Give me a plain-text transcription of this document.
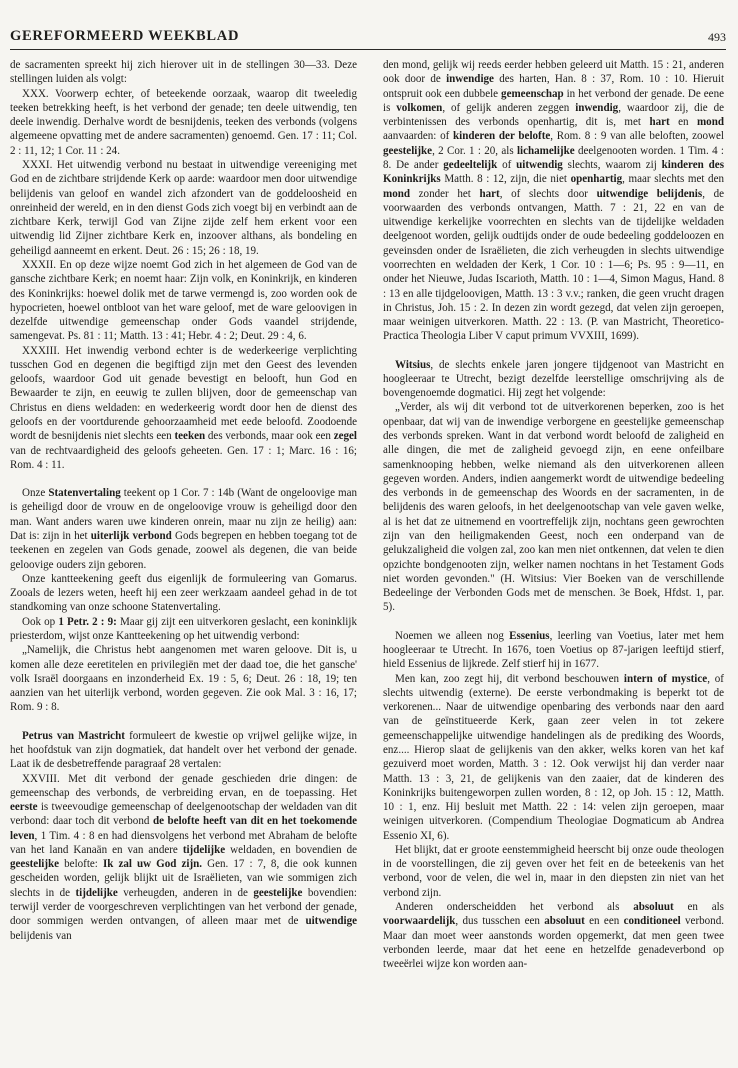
GEREFORMEERD WEEKBLAD	493

de sacramenten spreekt hij zich hierover uit in de stellingen 30—33. Deze stellingen luiden als volgt:

XXX. Voorwerp echter, of beteekende oorzaak, waarop dit tweeledig teeken betrekking heeft, is het verbond der genade; ten deele uitwendig, ten deele inwendig. Derhalve wordt de besnijdenis, teeken des verbonds (volgens algemeene opvatting met de andere sacramenten) genoemd. Gen. 17 : 11; Col. 2 : 11, 12; 1 Cor. 11 : 24.

XXXI. Het uitwendig verbond nu bestaat in uitwendige vereeniging met God en de zichtbare strijdende Kerk op aarde: waardoor men door uitwendige belijdenis van geloof en wandel zich afzondert van de goddeloosheid en onreinheid der wereld, en in den dienst Gods zich voegt bij en verbindt aan de zichtbare Kerk, terwijl God van Zijne zijde zelf hem erkent voor een uitwendig lid Zijner zichtbare Kerk en, inzoover althans, als bondeling en geheiligd aanneemt en erkent. Deut. 26 : 15; 26 : 18, 19.

XXXII. En op deze wijze noemt God zich in het algemeen de God van de gansche zichtbare Kerk; en noemt haar: Zijn volk, en Koninkrijk, en kinderen des Koninkrijks: hoewel dolik met de tarwe vermengd is, zoo worden ook de hypocrieten, hoewel ontbloot van het ware geloof, met de ware geloovigen in dezelfde uitwendige gemeenschap onder Gods vaandel strijdende, samengevat. Ps. 81 : 11; Matth. 13 : 41; Hebr. 4 : 2; Deut. 29 : 4, 6.

XXXIII. Het inwendig verbond echter is de wederkeerige verplichting tusschen God en degenen die begiftigd zijn met den Geest des levenden geloofs, waardoor God uit genade bevestigt en belooft, hun God en Bewaarder te zijn, en eeuwig te zullen blijven, door de gemeenschap van Christus en diens weldaden: en wederkeerig wordt door hen de dienst des geloofs en der voortdurende gehoorzaamheid met eede beloofd. Zoodoende wordt de besnijdenis niet slechts een teeken des verbonds, maar ook een zegel van de rechtvaardigheid des geloofs geheeten. Gen. 17 : 1; Marc. 16 : 16; Rom. 4 : 11.

Onze Statenvertaling teekent op 1 Cor. 7 : 14b (Want de ongeloovige man is geheiligd door de vrouw en de ongeloovige vrouw is geheiligd door den man. Want anders waren uwe kinderen onrein, maar nu zijn ze heilig) aan: Dat is: zijn in het uiterlijk verbond Gods begrepen en hebben toegang tot de teekenen en zegelen van Gods genade, zoowel als degenen, die van beide geloovige ouders zijn geboren.

Onze kantteekening geeft dus eigenlijk de formuleering van Gomarus. Zooals de lezers weten, heeft hij een zeer werkzaam aandeel gehad in de tot standkoming van onze schoone Statenvertaling.

Ook op 1 Petr. 2 : 9: Maar gij zijt een uitverkoren geslacht, een koninklijk priesterdom, wijst onze Kantteekening op het uitwendig verbond:

„Namelijk, die Christus hebt aangenomen met waren geloove. Dit is, u komen alle deze eeretitelen en privilegiën met der daad toe, die het gansche' volk Israël doorgaans en inzonderheid Ex. 19 : 5, 6; Deut. 26 : 18, 19; ten aanzien van het uiterlijk verbond, worden gegeven. Zie ook Mal. 3 : 16, 17; Rom. 9 : 8.

Petrus van Mastricht formuleert de kwestie op vrijwel gelijke wijze, in het hoofdstuk van zijn dogmatiek, dat handelt over het verbond der genade. Laat ik de desbetreffende paragraaf 28 vertalen:

XXVIII. Met dit verbond der genade geschieden drie dingen: de gemeenschap des verbonds, de verbreiding ervan, en de toepassing. Het eerste is tweevoudige gemeenschap of deelgenootschap der weldaden van dit verbond: daar toch dit verbond de belofte heeft van dit en het toekomende leven, 1 Tim. 4 : 8 en had diensvolgens het verbond met Abraham de belofte van het land Kanaän en van andere tijdelijke weldaden, en bovendien de geestelijke belofte: Ik zal uw God zijn. Gen. 17 : 7, 8, die ook kunnen gescheiden worden, gelijk blijkt uit de Israëlieten, van wie sommigen zich slechts in de tijdelijke verheugden, anderen in de geestelijke bovendien: terwijl verder de voorgeschreven verplichtingen van het verbond der genade, door sommigen werden ontvangen, of alleen maar met de uitwendige belijdenis van

den mond, gelijk wij reeds eerder hebben geleerd uit Matth. 15 : 21, anderen ook door de inwendige des harten, Han. 8 : 37, Rom. 10 : 10. Hieruit ontspruit ook een dubbele gemeenschap in het verbond der genade. De eene is volkomen, of gelijk anderen zeggen inwendig, waardoor zij, die de verbintenissen des verbonds openhartig, dit is, met hart en mond aanvaarden: of kinderen der belofte, Rom. 8 : 9 van alle beloften, zoowel geestelijke, 2 Cor. 1 : 20, als lichamelijke deelgenooten worden. 1 Tim. 4 : 8. De ander gedeeltelijk of uitwendig slechts, waarom zij kinderen des Koninkrijks Matth. 8 : 12, zijn, die niet openhartig, maar slechts met den mond zonder het hart, of slechts door uitwendige belijdenis, de voorwaarden des verbonds ontvangen, Matth. 7 : 21, 22 en van de uitwendige kerkelijke voorrechten en slechts van de tijdelijke weldaden deelgenoot worden, gelijk oudtijds onder de oude bedeeling goddeloozen en geveinsden onder de Israëlieten, die zich verheugden in slechts uitwendige voorrechten en weldaden der Kerk, 1 Cor. 10 : 1—6; Ps. 95 : 9—11, en onder het Nieuwe, Judas Iscarioth, Matth. 10 : 1—4, Simon Magus, Hand. 8 : 13 en alle tijdgeloovigen, Matth. 13 : 3 v.v.; ranken, die geen vrucht dragen in Christus, Joh. 15 : 2. In dezen zin wordt gezegd, dat velen zijn geroepen, maar weinigen uitverkoren. Matth. 22 : 13. (P. van Mastricht, Theoretico-Practica Theologia Liber V caput primum VVXIII, 1699).

Witsius, de slechts enkele jaren jongere tijdgenoot van Mastricht en hoogleeraar te Utrecht, bezigt dezelfde leerstellige omschrijving als de bovengenoemde dogmatici. Hij zegt het volgende:

„Verder, als wij dit verbond tot de uitverkorenen beperken, zoo is het openbaar, dat wij van de inwendige verborgene en geestelijke gemeenschap des verbonds spreken. Want in dat verbond wordt beloofd de zaligheid en alle dingen, die met de zaligheid gevoegd zijn, en eene onfeilbare samenknooping hebben, welke niemand als den uitverkorenen alleen gegeven worden. Anders, indien aangemerkt wordt de uitwendige bedeeling des verbonds in de gemeenschap des Woords en der sacramenten, in de belijdenis des waren geloofs, in het deelgenootschap van vele gaven welke, al is het dat ze uitnemend en voortreffelijk zijn, nochtans geen gewrochten zijn van den heiligmakenden Geest, noch een onderpand van de gelukzaligheid die volgen zal, zoo kan men niet ontkennen, dat velen te dien opzichte bondgenooten zijn, welker namen nochtans in het Testament Gods niet worden gevonden." (H. Witsius: Vier Boeken van de verschillende Bedeelinge der Verbonden Gods met de menschen. 3e Boek, Hfdst. 1, par. 5).

Noemen we alleen nog Essenius, leerling van Voetius, later met hem hoogleeraar te Utrecht. In 1676, toen Voetius op 87-jarigen leeftijd stierf, hield Essenius de lijkrede. Zelf stierf hij in 1677.

Men kan, zoo zegt hij, dit verbond beschouwen intern of mystice, of slechts uitwendig (externe). De eerste verbondmaking is beperkt tot de verkorenen... Naar de uitwendige openbaring des verbonds naar den aard van de geïnstitueerde Kerk, gaan zeer velen in tot zekere gemeenschappelijke uitwendige handelingen als de prediking des Woords, enz.... Hierop slaat de gelijkenis van den akker, welks koren van het kaf gezuiverd moet worden, Matth. 3 : 12. Ook verwijst hij dan verder naar Matth. 13 : 3, 21, de gelijkenis van den zaaier, dat de kinderen des Koninkrijks buitengeworpen zullen worden, 8 : 12, op Joh. 15 : 12, Matth. 10 : 1, enz. Hij besluit met Matth. 22 : 14: velen zijn geroepen, maar weinigen uitverkoren. (Compendium Theologiae Dogmaticum ab Andrea Essenio XI, 6).

Het blijkt, dat er groote eenstemmigheid heerscht bij onze oude theologen in de voorstellingen, die zij geven over het feit en de beteekenis van het verbond, voor de velen, die wel in, maar in den diepsten zin niet van het verbond zijn.

Anderen onderscheidden het verbond als absoluut en als voorwaardelijk, dus tusschen een absoluut en een conditioneel verbond. Maar dan moet weer aanstonds worden opgemerkt, dat men geen twee verbonden leerde, maar dat het eene en hetzelfde genadeverbond op tweeërlei wijze kon worden aan-
